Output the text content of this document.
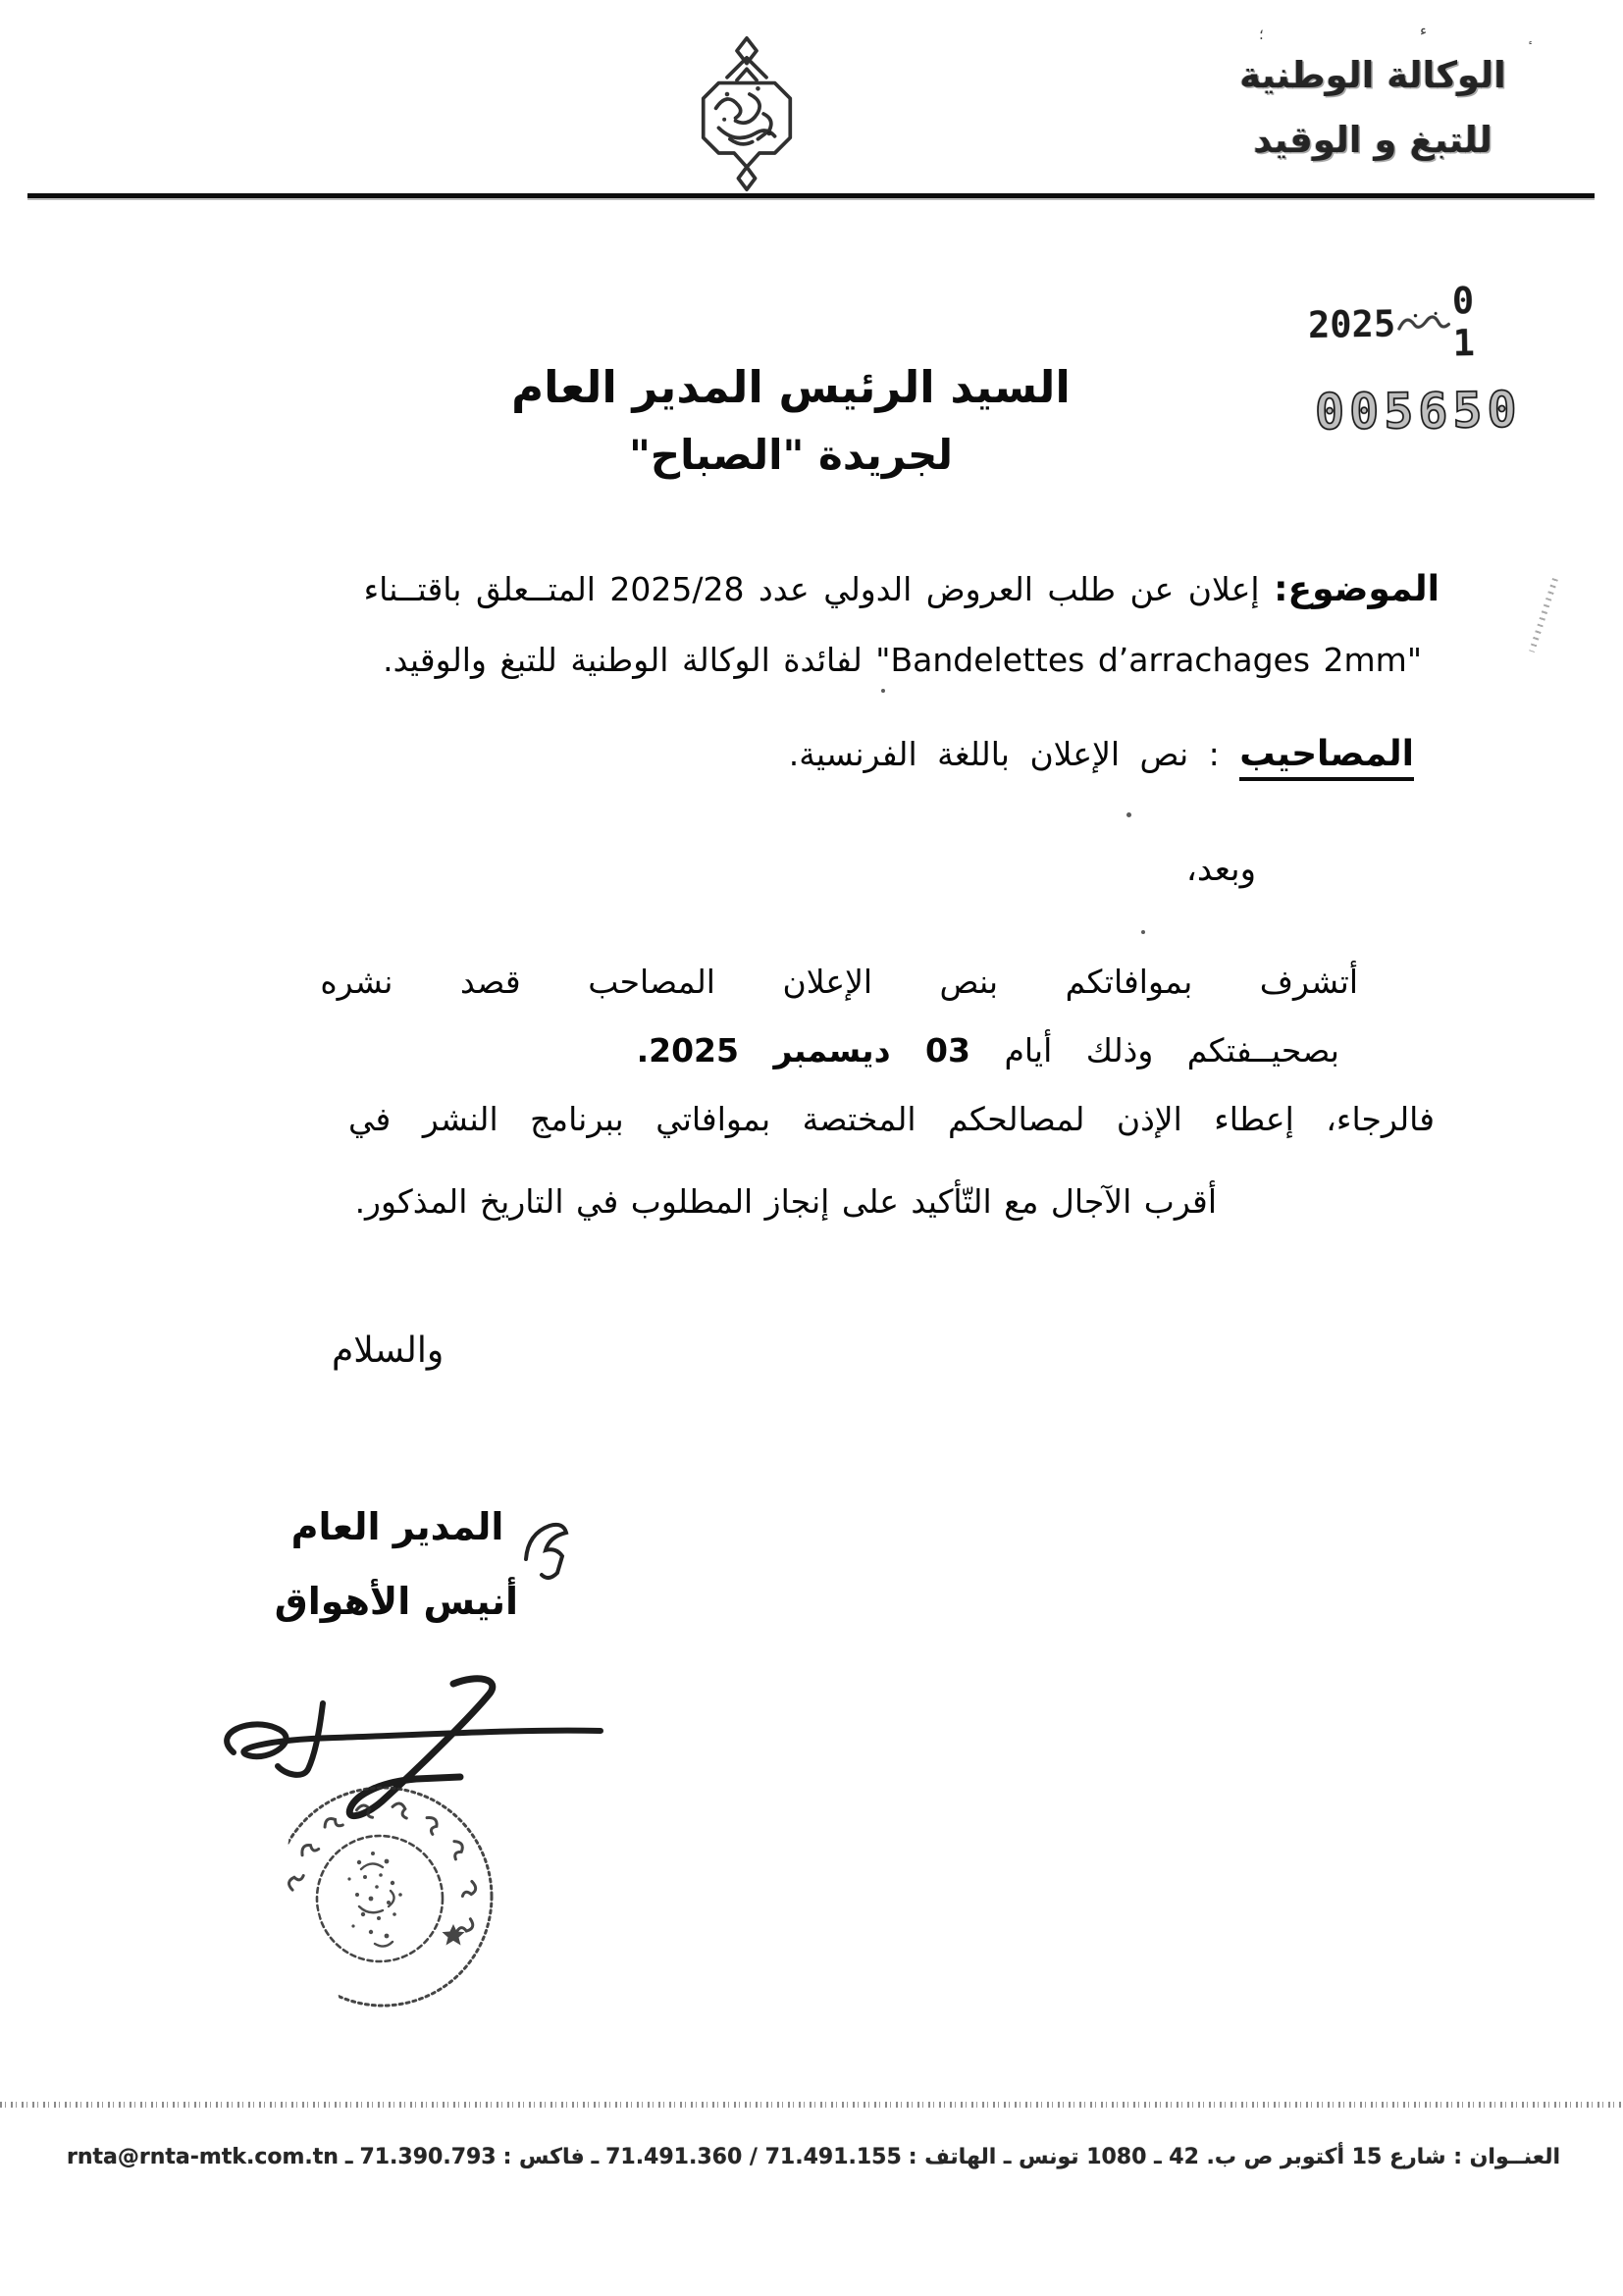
الوكالة الوطنية
للتبغ و الوقيد
2025
0 1
005650
السيد الرئيس المدير العام
لجريدة "الصباح"
الموضوع: إعلان عن طلب العروض الدولي عدد 2025/28 المتــعلق باقتــناء
"Bandelettes d’arrachages 2mm" لفائدة الوكالة الوطنية للتبغ والوقيد.
المصاحيب : نص الإعلان باللغة الفرنسية.
وبعد،
أتشرف بموافاتكم بنص الإعلان المصاحب قصد نشره
بصحيــفتكم وذلك أيام 03 ديسمبر 2025.
فالرجاء، إعطاء الإذن لمصالحكم المختصة بموافاتي ببرنامج النشر في
أقرب الآجال مع التّأكيد على إنجاز المطلوب في التاريخ المذكور.
والسلام
المدير العام
أنيس الأهواق
؛	ء
العنــوان : شارع 15 أكتوبر ص ب. 42 ـ 1080 تونس ـ الهاتف :
71.491.360 / 71.491.155
ـ
فاكس :
71.390.793
ـ
rnta@rnta-mtk.com.tn
